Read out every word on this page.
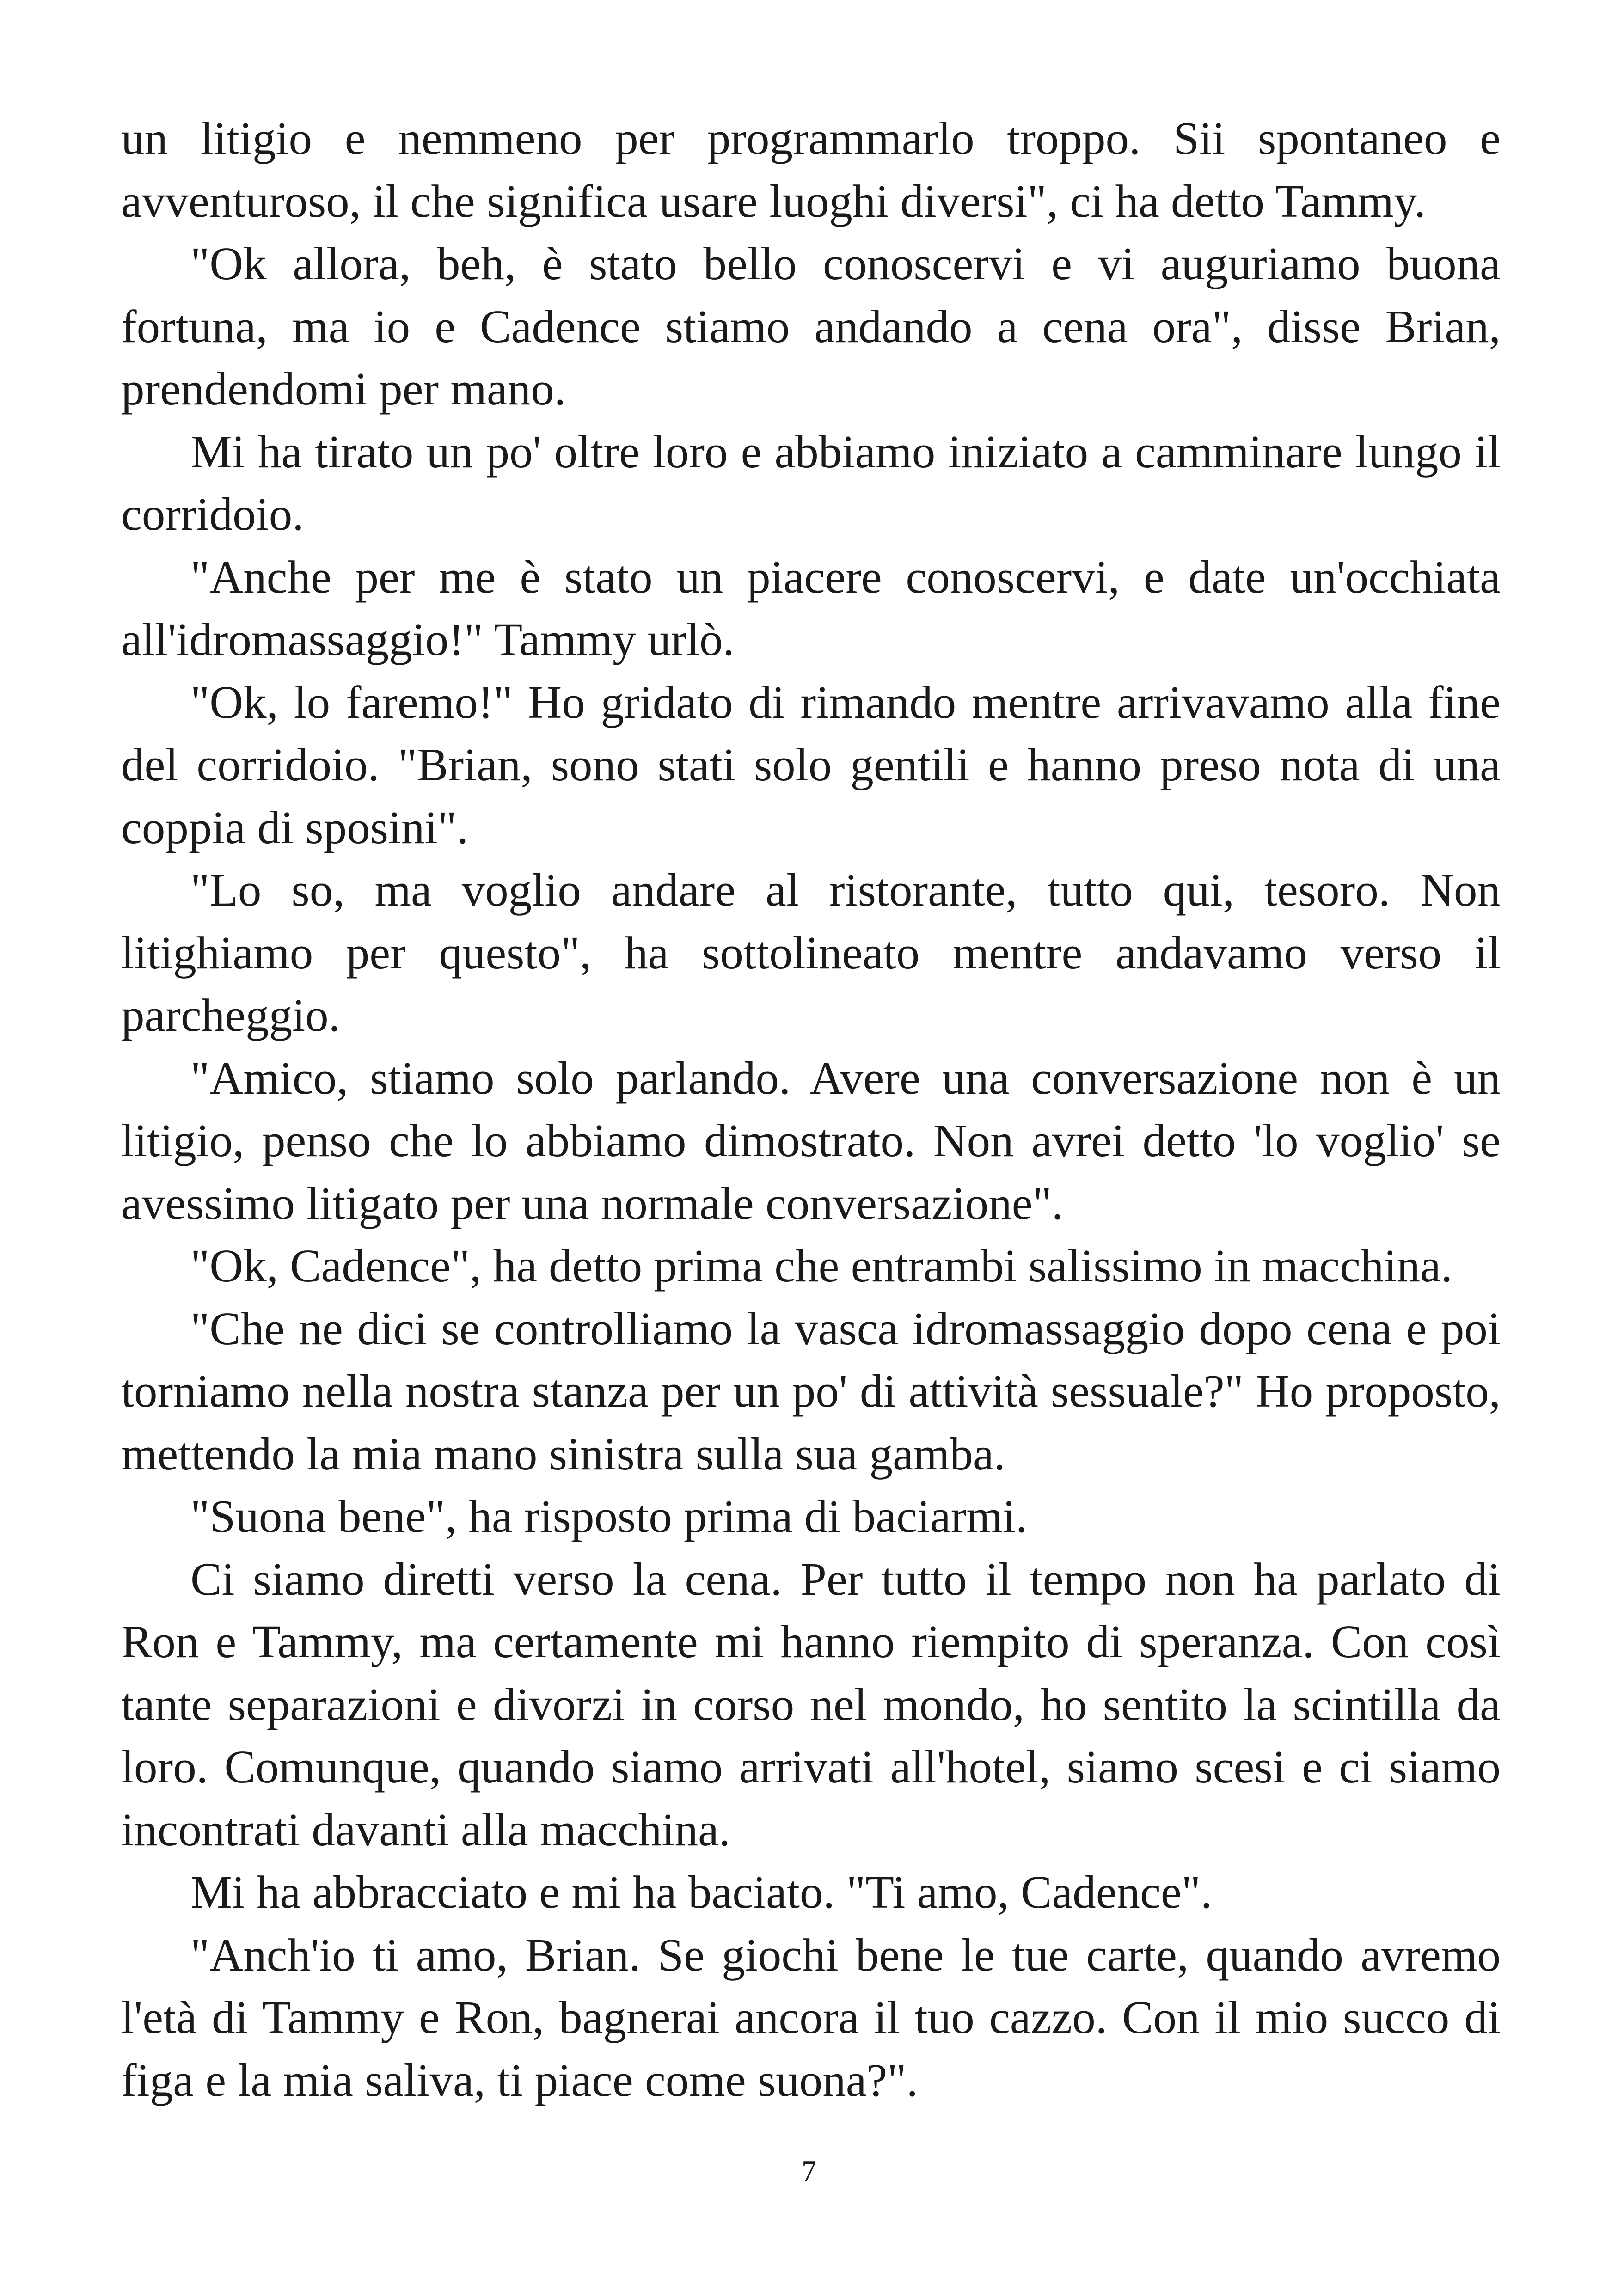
un litigio e nemmeno per programmarlo troppo. Sii spontaneo e avventuroso, il che significa usare luoghi diversi", ci ha detto Tammy.

"Ok allora, beh, è stato bello conoscervi e vi auguriamo buona fortuna, ma io e Cadence stiamo andando a cena ora", disse Brian, prendendomi per mano.

Mi ha tirato un po' oltre loro e abbiamo iniziato a camminare lungo il corridoio.

"Anche per me è stato un piacere conoscervi, e date un'occhiata all'idromassaggio!" Tammy urlò.

"Ok, lo faremo!" Ho gridato di rimando mentre arrivavamo alla fine del corridoio. "Brian, sono stati solo gentili e hanno preso nota di una coppia di sposini".

"Lo so, ma voglio andare al ristorante, tutto qui, tesoro. Non litighiamo per questo", ha sottolineato mentre andavamo verso il parcheggio.

"Amico, stiamo solo parlando. Avere una conversazione non è un litigio, penso che lo abbiamo dimostrato. Non avrei detto 'lo voglio' se avessimo litigato per una normale conversazione".

"Ok, Cadence", ha detto prima che entrambi salissimo in macchina.

"Che ne dici se controlliamo la vasca idromassaggio dopo cena e poi torniamo nella nostra stanza per un po' di attività sessuale?" Ho proposto, mettendo la mia mano sinistra sulla sua gamba.

"Suona bene", ha risposto prima di baciarmi.

Ci siamo diretti verso la cena. Per tutto il tempo non ha parlato di Ron e Tammy, ma certamente mi hanno riempito di speranza. Con così tante separazioni e divorzi in corso nel mondo, ho sentito la scintilla da loro. Comunque, quando siamo arrivati all'hotel, siamo scesi e ci siamo incontrati davanti alla macchina.

Mi ha abbracciato e mi ha baciato. "Ti amo, Cadence".

"Anch'io ti amo, Brian. Se giochi bene le tue carte, quando avremo l'età di Tammy e Ron, bagnerai ancora il tuo cazzo. Con il mio succo di figa e la mia saliva, ti piace come suona?".

7
